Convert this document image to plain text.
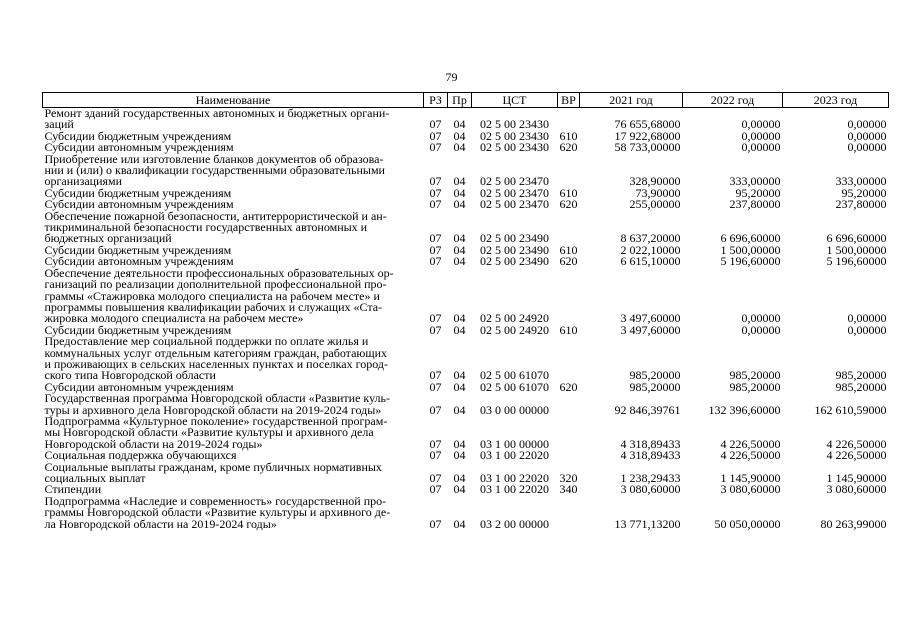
79
Наименование	РЗ	Пр	ЦСТ	ВР	2021 год	2022 год	2023 год
Ремонт зданий государственных автономных и бюджетных органи-
заций	07	04	02 5 00 23430		76 655,68000	0,00000	0,00000
Субсидии бюджетным учреждениям	07	04	02 5 00 23430	610	17 922,68000	0,00000	0,00000
Субсидии автономным учреждениям	07	04	02 5 00 23430	620	58 733,00000	0,00000	0,00000
Приобретение или изготовление бланков документов об образова-
нии и (или) о квалификации государственными образовательными
организациями	07	04	02 5 00 23470		328,90000	333,00000	333,00000
Субсидии бюджетным учреждениям	07	04	02 5 00 23470	610	73,90000	95,20000	95,20000
Субсидии автономным учреждениям	07	04	02 5 00 23470	620	255,00000	237,80000	237,80000
Обеспечение пожарной безопасности, антитеррористической и ан-
тикриминальной безопасности государственных автономных и
бюджетных организаций	07	04	02 5 00 23490		8 637,20000	6 696,60000	6 696,60000
Субсидии бюджетным учреждениям	07	04	02 5 00 23490	610	2 022,10000	1 500,00000	1 500,00000
Субсидии автономным учреждениям	07	04	02 5 00 23490	620	6 615,10000	5 196,60000	5 196,60000
Обеспечение деятельности профессиональных образовательных ор-
ганизаций по реализации дополнительной профессиональной про-
граммы «Стажировка молодого специалиста на рабочем месте» и
программы повышения квалификации рабочих и служащих «Ста-
жировка молодого специалиста на рабочем месте»	07	04	02 5 00 24920		3 497,60000	0,00000	0,00000
Субсидии бюджетным учреждениям	07	04	02 5 00 24920	610	3 497,60000	0,00000	0,00000
Предоставление мер социальной поддержки по оплате жилья и
коммунальных услуг отдельным категориям граждан, работающих
и проживающих в сельских населенных пунктах и поселках город-
ского типа Новгородской области	07	04	02 5 00 61070		985,20000	985,20000	985,20000
Субсидии автономным учреждениям	07	04	02 5 00 61070	620	985,20000	985,20000	985,20000
Государственная программа Новгородской области «Развитие куль-
туры и архивного дела Новгородской области на 2019-2024 годы»	07	04	03 0 00 00000		92 846,39761	132 396,60000	162 610,59000
Подпрограмма «Культурное поколение» государственной програм-
мы Новгородской области «Развитие культуры и архивного дела
Новгородской области на 2019-2024 годы»	07	04	03 1 00 00000		4 318,89433	4 226,50000	4 226,50000
Социальная поддержка обучающихся	07	04	03 1 00 22020		4 318,89433	4 226,50000	4 226,50000
Социальные выплаты гражданам, кроме публичных нормативных
социальных выплат	07	04	03 1 00 22020	320	1 238,29433	1 145,90000	1 145,90000
Стипендии	07	04	03 1 00 22020	340	3 080,60000	3 080,60000	3 080,60000
Подпрограмма «Наследие и современность» государственной про-
граммы Новгородской области «Развитие культуры и архивного де-
ла Новгородской области на 2019-2024 годы»	07	04	03 2 00 00000		13 771,13200	50 050,00000	80 263,99000
